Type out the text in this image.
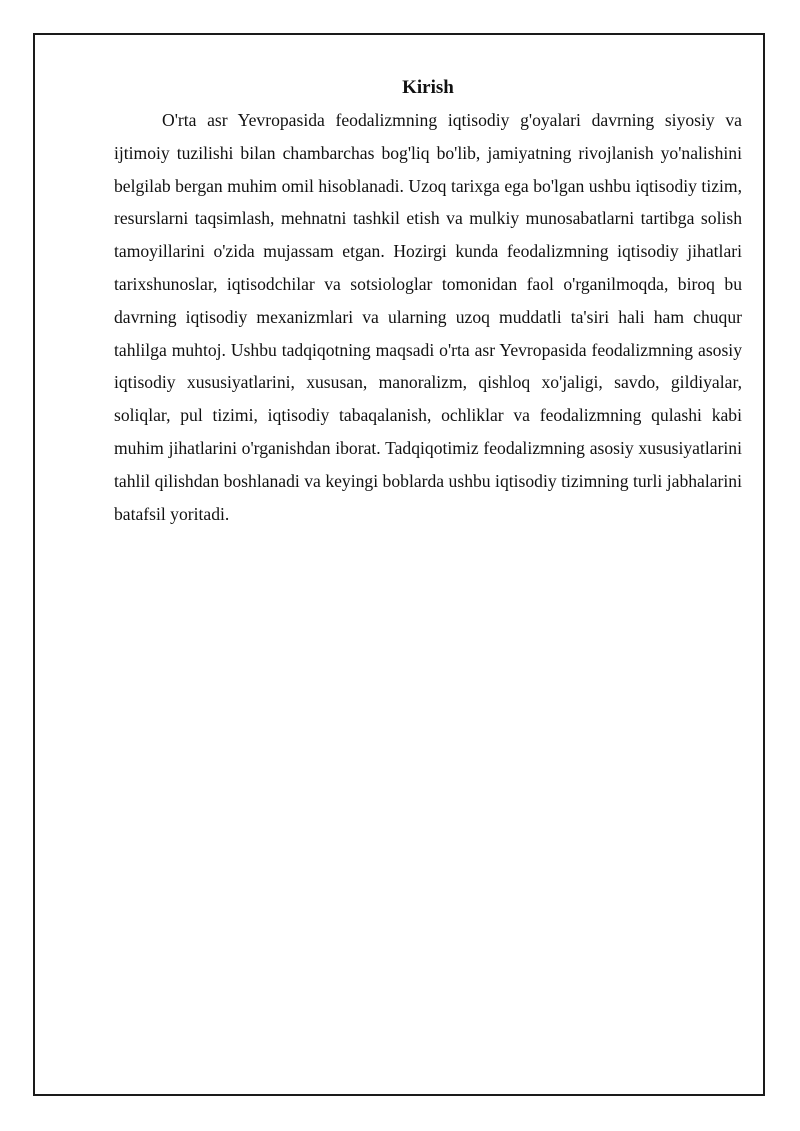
Kirish

O'rta asr Yevropasida feodalizmning iqtisodiy g'oyalari davrning siyosiy va ijtimoiy tuzilishi bilan chambarchas bog'liq bo'lib, jamiyatning rivojlanish yo'nalishini belgilab bergan muhim omil hisoblanadi. Uzoq tarixga ega bo'lgan ushbu iqtisodiy tizim, resurslarni taqsimlash, mehnatni tashkil etish va mulkiy munosabatlarni tartibga solish tamoyillarini o'zida mujassam etgan. Hozirgi kunda feodalizmning iqtisodiy jihatlari tarixshunoslar, iqtisodchilar va sotsiologlar tomonidan faol o'rganilmoqda, biroq bu davrning iqtisodiy mexanizmlari va ularning uzoq muddatli ta'siri hali ham chuqur tahlilga muhtoj. Ushbu tadqiqotning maqsadi o'rta asr Yevropasida feodalizmning asosiy iqtisodiy xususiyatlarini, xususan, manoralizm, qishloq xo'jaligi, savdo, gildiyalar, soliqlar, pul tizimi, iqtisodiy tabaqalanish, ochliklar va feodalizmning qulashi kabi muhim jihatlarini o'rganishdan iborat. Tadqiqotimiz feodalizmning asosiy xususiyatlarini tahlil qilishdan boshlanadi va keyingi boblarda ushbu iqtisodiy tizimning turli jabhalarini batafsil yoritadi.
